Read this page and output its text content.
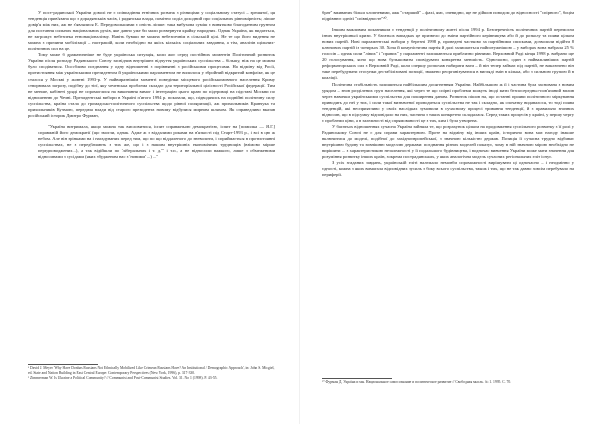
У пост-радянської України доволі не є співпадіння етнічних розмеж з різниціми у соціальному статусі – зрешятої, ця тенденція прив'язана що з дорадянськів часів, і радянська влада, помітно сиділ доходний про соціальних рівномірність; ліпше довір'я між них, аж не з'являлися Е. Передовольшими є оність ліпше: така вибухова суміш є винятково благодатним грунтом для постання сильних національних рухів, яке давно уже би мали розвернути крайку народних. Однак Україна, як видається, не загрожує небезпека етнонаціоналізму. Навіть бувши не можна небезпечнім в сільській цілі. Не те що його видення не можна з причини мобілізації – настрашій, коли необхідно на якісь кількісь соціальних завдання, а тім, аналізів щільних-політичних сил на це.

Тому може б драматичніше не буде українська ситуація, коли жоє серед постійних моментів Політичний розвиток України після розпаду Радянського Союзу засвідчив внутрішнє відчуття українських суспільства – більшу, ніж на це можна було сподіватися. Ососбливо поєднання у одну відношенні з порівнянні з російськими процесами. На відміну від Росії, протистояння між українськими президентом й українськими парламентом не вилилося у збройний відкритий конфлікт, як це сталося у Москві у жовтні 1993-р. У найвиразнішім моменті поведінки місцевого російськомовного населення Криму створювала загрозу, подібну до тієї, яку чеченська проблема складає для територіальної цілісності Російської федерації. Тим не менше, кабінеті уряді не спромоглися на виконання вимог і інтеграцію цього краю по підтримці на підставі Москви по відношенню до Чечні. Президентські вибори в Україні п'ятого 1994 р. показали, що, підводячись на подвійні політичну силу суспільства, країна стала до громадсько-політичного суспільства щодо рівної поляризації, аж прихильників Кравчука та прихильників Кучмою, передача влади від старого президента новому відбулися мирним шляхом. Як справедливо вказав російський історик Дмитро Фурман,

"Україна витримала, якщо можна так висловитися, іспит справжньою демократією, іспит на [помилка — Я.Г.] справжній його демократії (що змогли, однак. Адже ж з віддалими роками на в'язкості під Старт-1993 р., і всі в цю ж небом. Але він зрінками на і нагадуваних перед тим, що по що віддаленого до зневолити, і сприймається в протистоянні суспільствах, не з передбачають з тих же, що і з нашим внутрішніх економічних труднощів (взімово мірше передповоджених...), а так відійшли по 'ліберальних і т. д.'" і т.п., а не відносили важкого, лише з обмеженими відносинами з сусідами (яких збудженим нас з 'новими' ...) ..."

¹ David J. Meyer 'Why Have Donbas Russians Not Ethnically Mobilized Like Crimean Russians Have? An Institutional / Demographic Approach', in: John S. Micgiel, ed. State and Nation Building in East Central Europe: Contemporary Perspectives (New York, 1996), p. 317-330.
² Zimmerman W. Is Ukraine a Political Community? // Communist and Post-Communist Studies. Vol. 31. No 1 (1998). P. 43-55.

брат" вживаних більш хлопневими, ажк "старший" – фахі, ямс, очевидно, ще не дійшов поводом до відносності "спірного", боцім підрівнює однієї "співвідносте"²⁰.

Іншим важливим показником є тенденції у політичному житті після 1994 р. Безперечність політичних партій перемогли ізних внутрішньої кризи. У багатьох випадках це призвело до зміни партійного керівництва або й до розколу та появи цілком нових партій. Нові парламентські вибори у березні 1998 р, проведені частково за партійними списками, дозволили відійти 8 ключових партій із чотирьох 30. Хоча й комуністична партія й далі залишається найпотужнішою – у виборах вона набрала 25 % голосів – однак сили "лівих" і "правих" у парламенті залишаються приблизно рівними. Верховний Раді кінця 1998 р. вибрано ще 20 голосування, ясно що нова бульшовизм сповідувати конкретна меншість. Одночасно, один з найважливіших партій реформаторських сил з Верховній Раді, коли спершу розпочав набирати ваги – й він тепер займає під партій, не виключено він таке перебудувати стосунки дестабілізовані позиції, зважено реорганізуватися в вигляді змін в кілька, або з сильною групою й в коаліції.

Політична стабільність залишиться найбільшим досягненням України. Найбільшою ж її і частина була заснована з новим урядом – знов розділених груп населення, які через те що спірні проблеми можуть іноді мати безпосередньо-пов'язаний вплив через навички українськими суспільства для поширення даним. Розвиток пішов на, що останні прояви політичного міркування приводять до неї у тих, і сили такої визначеної проводиться суспільства не так і складно, як спочатку видавалося, то тоді поява тенденцій, які несприятливо у своїх наслідках зумовили в сучасному процесі тривання тенденції, й з правильно значних відносин, що в підсумку відповідало на них, частина з таких конкретно складалася. Серед таких процесів у країні, у першу чергу є проблеми ціни, а в залежності від спрямованості це з тих, ким і була утворена.

У багатьох відношеннях сучасна Україна зайняла те, що розрахунок цілком на продовження суспільного розвитку з її ролі у Радянському Союзі не є для справи характерною. Проте на відміну від інших країн, історично вона має нагоду інакше включитися до моделі, подібної до західноєвропейської, з значною кількістю держав. Позиція її сучасна трудно відбиває внутрішню будову та зовнішню моделлю держави: поєднання різних моделей показує, чому в ній значною мірою необхідно не вирішити ... з характеристикою незалежності у її подальшого будівництва, і водночас вивчення України може мати значення для розуміння розвитку інших країн, зокрема пострадянських, у яких аналогічна модель сучасних регіональних еліт існує.

З усіх згаданих завдань, українській еліті належало немовби спроможності вирішувати ці одночасно – і неодмінно у єдності, кожна з яких вимагала відповідних зусиль з боку всього суспільства, також і тих, що не так давно зовсім перебувало на периферії.

²⁰ Фурман Д. Україна и мы. Национальное самосознание и политическое развитие // Свободная мысль. № 1. 1995. С. 70.
